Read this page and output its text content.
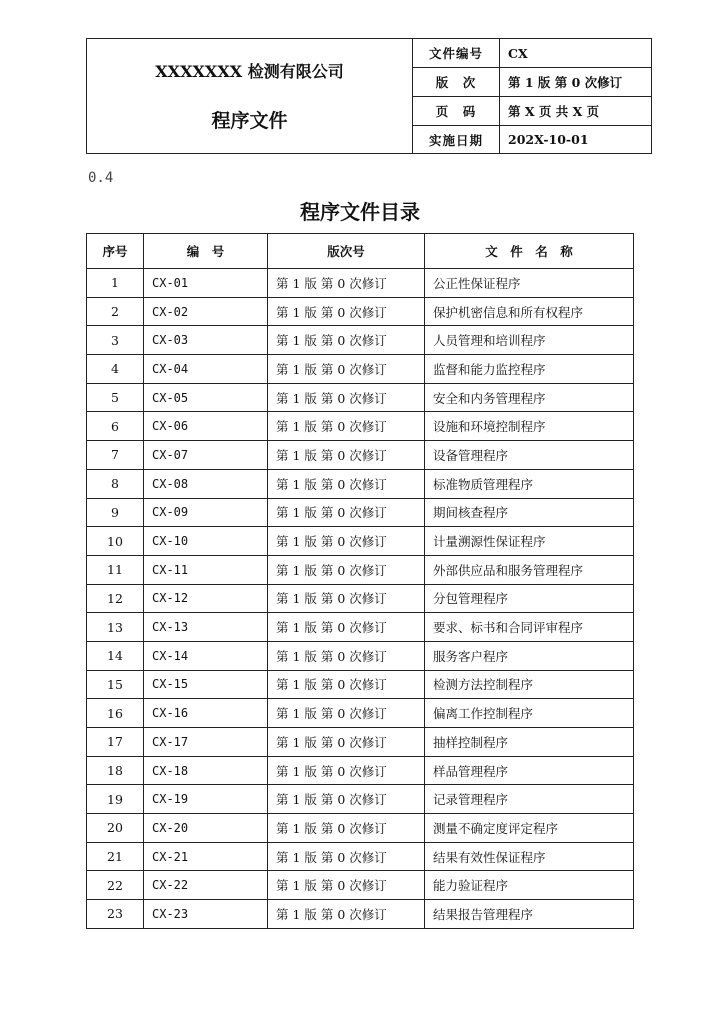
XXXXXXX 检测有限公司
程序文件	文件编号	CX
	版　次	第 1 版 第 0 次修订
	页　码	第 X 页 共 X 页
	实施日期	202X-10-01
0.4
程序文件目录
序号	编　号	版次号	文　件　名　称
1	CX-01	第 1 版 第 0 次修订	公正性保证程序
2	CX-02	第 1 版 第 0 次修订	保护机密信息和所有权程序
3	CX-03	第 1 版 第 0 次修订	人员管理和培训程序
4	CX-04	第 1 版 第 0 次修订	监督和能力监控程序
5	CX-05	第 1 版 第 0 次修订	安全和内务管理程序
6	CX-06	第 1 版 第 0 次修订	设施和环境控制程序
7	CX-07	第 1 版 第 0 次修订	设备管理程序
8	CX-08	第 1 版 第 0 次修订	标准物质管理程序
9	CX-09	第 1 版 第 0 次修订	期间核查程序
10	CX-10	第 1 版 第 0 次修订	计量溯源性保证程序
11	CX-11	第 1 版 第 0 次修订	外部供应品和服务管理程序
12	CX-12	第 1 版 第 0 次修订	分包管理程序
13	CX-13	第 1 版 第 0 次修订	要求、标书和合同评审程序
14	CX-14	第 1 版 第 0 次修订	服务客户程序
15	CX-15	第 1 版 第 0 次修订	检测方法控制程序
16	CX-16	第 1 版 第 0 次修订	偏离工作控制程序
17	CX-17	第 1 版 第 0 次修订	抽样控制程序
18	CX-18	第 1 版 第 0 次修订	样品管理程序
19	CX-19	第 1 版 第 0 次修订	记录管理程序
20	CX-20	第 1 版 第 0 次修订	测量不确定度评定程序
21	CX-21	第 1 版 第 0 次修订	结果有效性保证程序
22	CX-22	第 1 版 第 0 次修订	能力验证程序
23	CX-23	第 1 版 第 0 次修订	结果报告管理程序
